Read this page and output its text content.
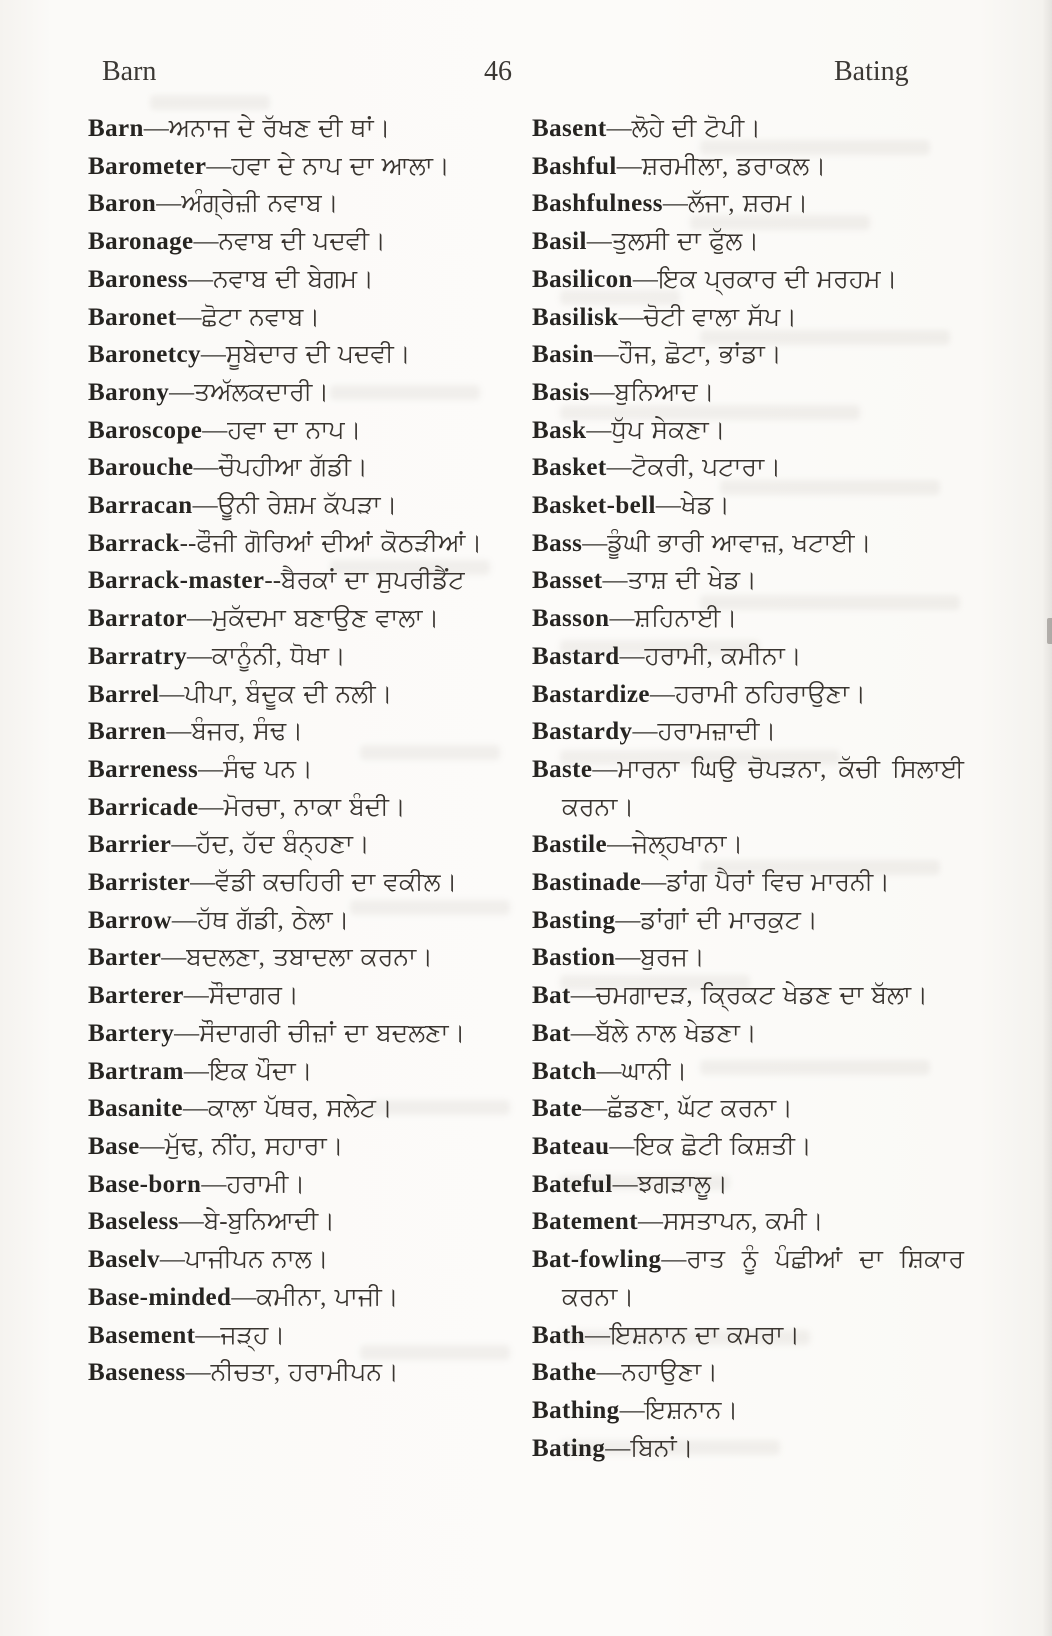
Barn	46	Bating
Barn—ਅਨਾਜ ਦੇ ਰੱਖਣ ਦੀ ਥਾਂ।
Barometer—ਹਵਾ ਦੇ ਨਾਪ ਦਾ ਆਲਾ।
Baron—ਅੰਗ੍ਰੇਜ਼ੀ ਨਵਾਬ।
Baronage—ਨਵਾਬ ਦੀ ਪਦਵੀ।
Baroness—ਨਵਾਬ ਦੀ ਬੇਗਮ।
Baronet—ਛੋਟਾ ਨਵਾਬ।
Baronetcy—ਸੂਬੇਦਾਰ ਦੀ ਪਦਵੀ।
Barony—ਤਅੱਲਕਦਾਰੀ।
Baroscope—ਹਵਾ ਦਾ ਨਾਪ।
Barouche—ਚੌਪਹੀਆ ਗੱਡੀ।
Barracan—ਊਨੀ ਰੇਸ਼ਮ ਕੱਪੜਾ।
Barrack--ਫੌਜੀ ਗੋਰਿਆਂ ਦੀਆਂ ਕੋਠੜੀਆਂ।
Barrack-master--ਬੈਰਕਾਂ ਦਾ ਸੁਪਰੀਡੈਂਟ
Barrator—ਮੁਕੱਦਮਾ ਬਣਾਉਣ ਵਾਲਾ।
Barratry—ਕਾਨੂੰਨੀ, ਧੋਖਾ।
Barrel—ਪੀਪਾ, ਬੰਦੂਕ ਦੀ ਨਲੀ।
Barren—ਬੰਜਰ, ਸੰਢ।
Barreness—ਸੰਢ ਪਨ।
Barricade—ਮੋਰਚਾ, ਨਾਕਾ ਬੰਦੀ।
Barrier—ਹੱਦ, ਹੱਦ ਬੰਨ੍ਹਣਾ।
Barrister—ਵੱਡੀ ਕਚਹਿਰੀ ਦਾ ਵਕੀਲ।
Barrow—ਹੱਥ ਗੱਡੀ, ਠੇਲਾ।
Barter—ਬਦਲਣਾ, ਤਬਾਦਲਾ ਕਰਨਾ।
Barterer—ਸੌਦਾਗਰ।
Bartery—ਸੌਦਾਗਰੀ ਚੀਜ਼ਾਂ ਦਾ ਬਦਲਣਾ।
Bartram—ਇਕ ਪੌਦਾ।
Basanite—ਕਾਲਾ ਪੱਥਰ, ਸਲੇਟ।
Base—ਮੁੱਢ, ਨੀਂਹ, ਸਹਾਰਾ।
Base-born—ਹਰਾਮੀ।
Baseless—ਬੇ-ਬੁਨਿਆਦੀ।
Baselv—ਪਾਜੀਪਨ ਨਾਲ।
Base-minded—ਕਮੀਨਾ, ਪਾਜੀ।
Basement—ਜੜ੍ਹ।
Baseness—ਨੀਚਤਾ, ਹਰਾਮੀਪਨ।
Basent—ਲੋਹੇ ਦੀ ਟੋਪੀ।
Bashful—ਸ਼ਰਮੀਲਾ, ਡਰਾਕਲ।
Bashfulness—ਲੱਜਾ, ਸ਼ਰਮ।
Basil—ਤੁਲਸੀ ਦਾ ਫੁੱਲ।
Basilicon—ਇਕ ਪ੍ਰਕਾਰ ਦੀ ਮਰਹਮ।
Basilisk—ਚੋਟੀ ਵਾਲਾ ਸੱਪ।
Basin—ਹੌਜ, ਛੋਟਾ, ਭਾਂਡਾ।
Basis—ਬੁਨਿਆਦ।
Bask—ਧੁੱਪ ਸੇਕਣਾ।
Basket—ਟੋਕਰੀ, ਪਟਾਰਾ।
Basket-bell—ਖੇਡ।
Bass—ਡੂੰਘੀ ਭਾਰੀ ਆਵਾਜ਼, ਖਟਾਈ।
Basset—ਤਾਸ਼ ਦੀ ਖੇਡ।
Basson—ਸ਼ਹਿਨਾਈ।
Bastard—ਹਰਾਮੀ, ਕਮੀਨਾ।
Bastardize—ਹਰਾਮੀ ਠਹਿਰਾਉਣਾ।
Bastardy—ਹਰਾਮਜ਼ਾਦੀ।
Baste—ਮਾਰਨਾ ਘਿਉ ਚੋਪੜਨਾ, ਕੱਚੀ ਸਿਲਾਈ ਕਰਨਾ।
Bastile—ਜੇਲ੍ਹਖਾਨਾ।
Bastinade—ਡਾਂਗ ਪੈਰਾਂ ਵਿਚ ਮਾਰਨੀ।
Basting—ਡਾਂਗਾਂ ਦੀ ਮਾਰਕੁਟ।
Bastion—ਬੁਰਜ।
Bat—ਚਮਗਾਦੜ, ਕ੍ਰਿਕਟ ਖੇਡਣ ਦਾ ਬੱਲਾ।
Bat—ਬੱਲੇ ਨਾਲ ਖੇਡਣਾ।
Batch—ਘਾਨੀ।
Bate—ਛੱਡਣਾ, ਘੱਟ ਕਰਨਾ।
Bateau—ਇਕ ਛੋਟੀ ਕਿਸ਼ਤੀ।
Bateful—ਝਗੜਾਲੂ।
Batement—ਸਸਤਾਪਨ, ਕਮੀ।
Bat-fowling—ਰਾਤ ਨੂੰ ਪੰਛੀਆਂ ਦਾ ਸ਼ਿਕਾਰ ਕਰਨਾ।
Bath—ਇਸ਼ਨਾਨ ਦਾ ਕਮਰਾ।
Bathe—ਨਹਾਉਣਾ।
Bathing—ਇਸ਼ਨਾਨ।
Bating—ਬਿਨਾਂ।
